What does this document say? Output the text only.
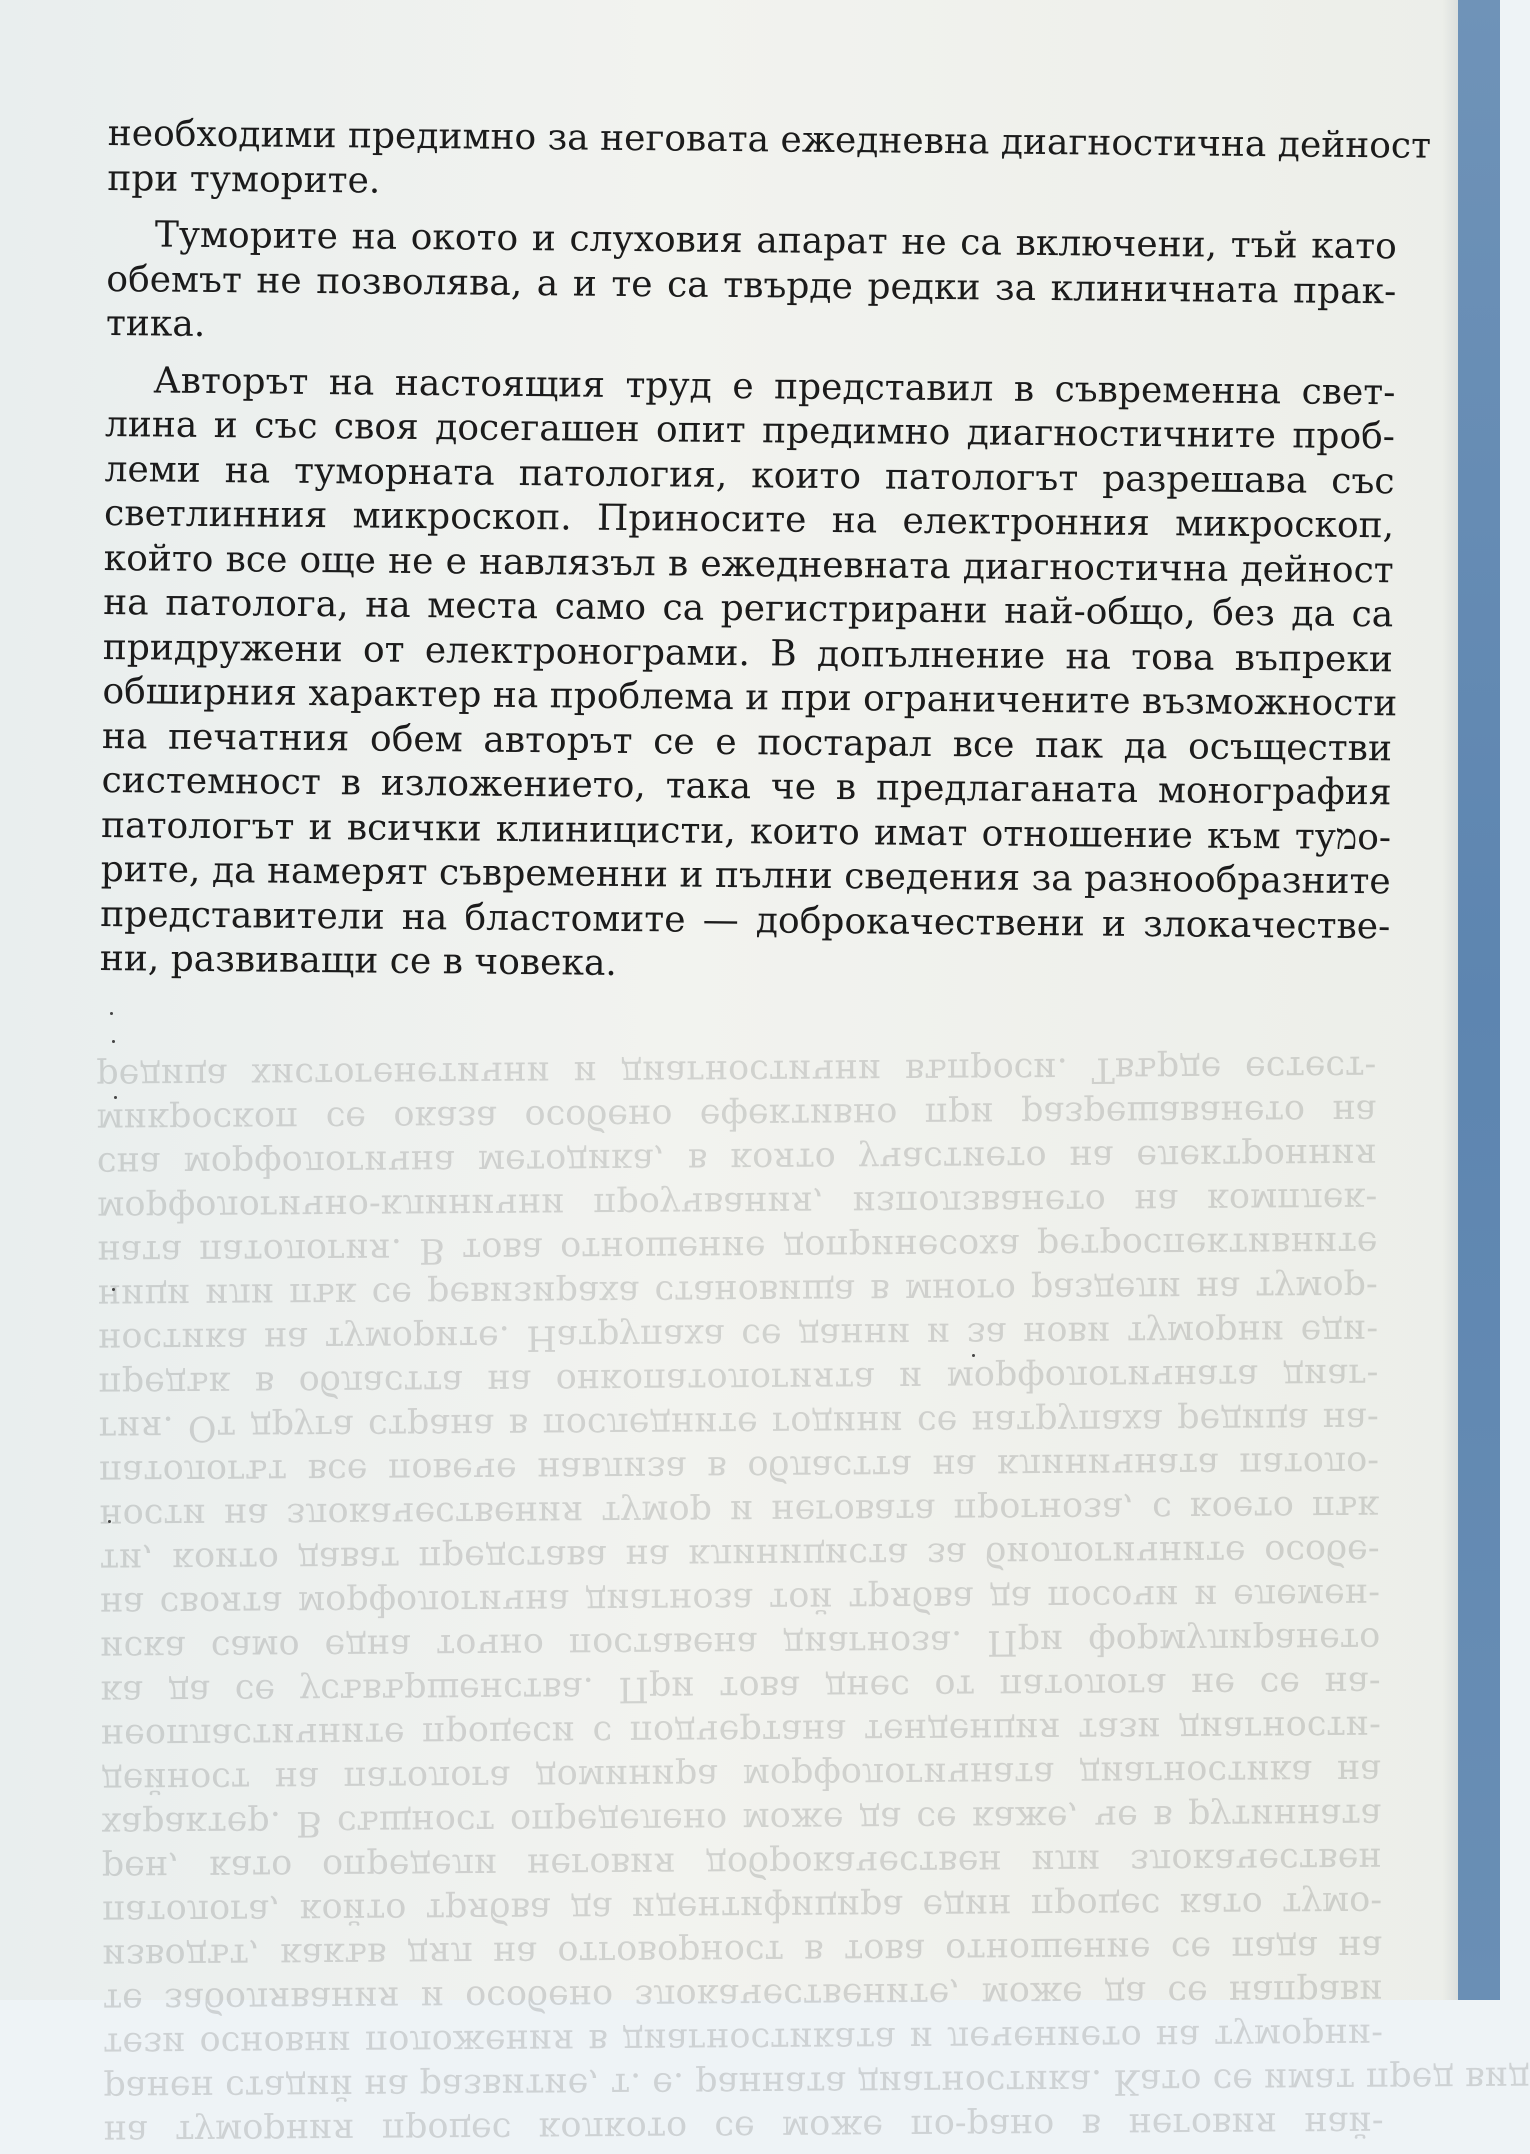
на туморния процес колкото се може по-рано в неговия най-
ранен стадий на развитие, т. е. ранната диагностика. Като се имат пред вид
тези основни положения в диагностиката и лечението на туморни-
те заболявания и особено злокачествените, може да се направи
изводът, какъв дял на отговорност в това отношение се пада на
патолога, който трябва да идентифицира един процес като тумо-
рен, като определи неговия доброкачествен или злокачествен
характер. В същност определено може да се каже, че в рутинната
дейност на патолога доминира морфологичната диагностика на
неопластичните процеси с подчертана тенденция тази диагности-
ка да се усъвършенства. При това днес от патолога не се на-
иска само една точно поставена диагноза. При формулирането
на своята морфологична диагноза той трябва да посочи и елемен-
ти, които дават представа на клинициста за биологичните особе-
ности на злокачествения тумор и неговата прогноза, с което пък
патологът все повече навлиза в областта на клиничната патоло-
гия. От друга страна в последните години се натрупаха редица на-
предък в областта на онкопатологията и морфологичната диаг-
ностика на туморите. Натрупаха се данни и за нови туморни еди-
ници или пък се ревизираха становища в много раздели на тумор-
ната патология. В това отношение допринесоха ретроспективните
морфологично-клинични проучвания, използването на комплек-
сна морфологична методика, в която участието на електронния
микроскоп се оказа особено ефективно при разрешаването на
редица хистогенетични и диагностични въпроси. Твърде естест-
необходими предимно за неговата ежедневна диагностична дейност
при туморите.
Туморите на окото и слуховия апарат не са включени, тъй като
обемът не позволява, а и те са твърде редки за клиничната прак-
тика.
Авторът на настоящия труд е представил в съвременна свет-
лина и със своя досегашен опит предимно диагностичните проб-
леми на туморната патология, които патологът разрешава със
светлинния микроскоп. Приносите на електронния микроскоп,
който все още не е навлязъл в ежедневната диагностична дейност
на патолога, на места само са регистрирани най-общо, без да са
придружени от електронограми. В допълнение на това въпреки
обширния характер на проблема и при ограничените възможности
на печатния обем авторът се е постарал все пак да осъществи
системност в изложението, така че в предлаганата монография
патологът и всички клиницисти, които имат отношение към туמо-
рите, да намерят съвременни и пълни сведения за разнообразните
представители на бластомите — доброкачествени и злокачестве-
ни, развиващи се в човека.
